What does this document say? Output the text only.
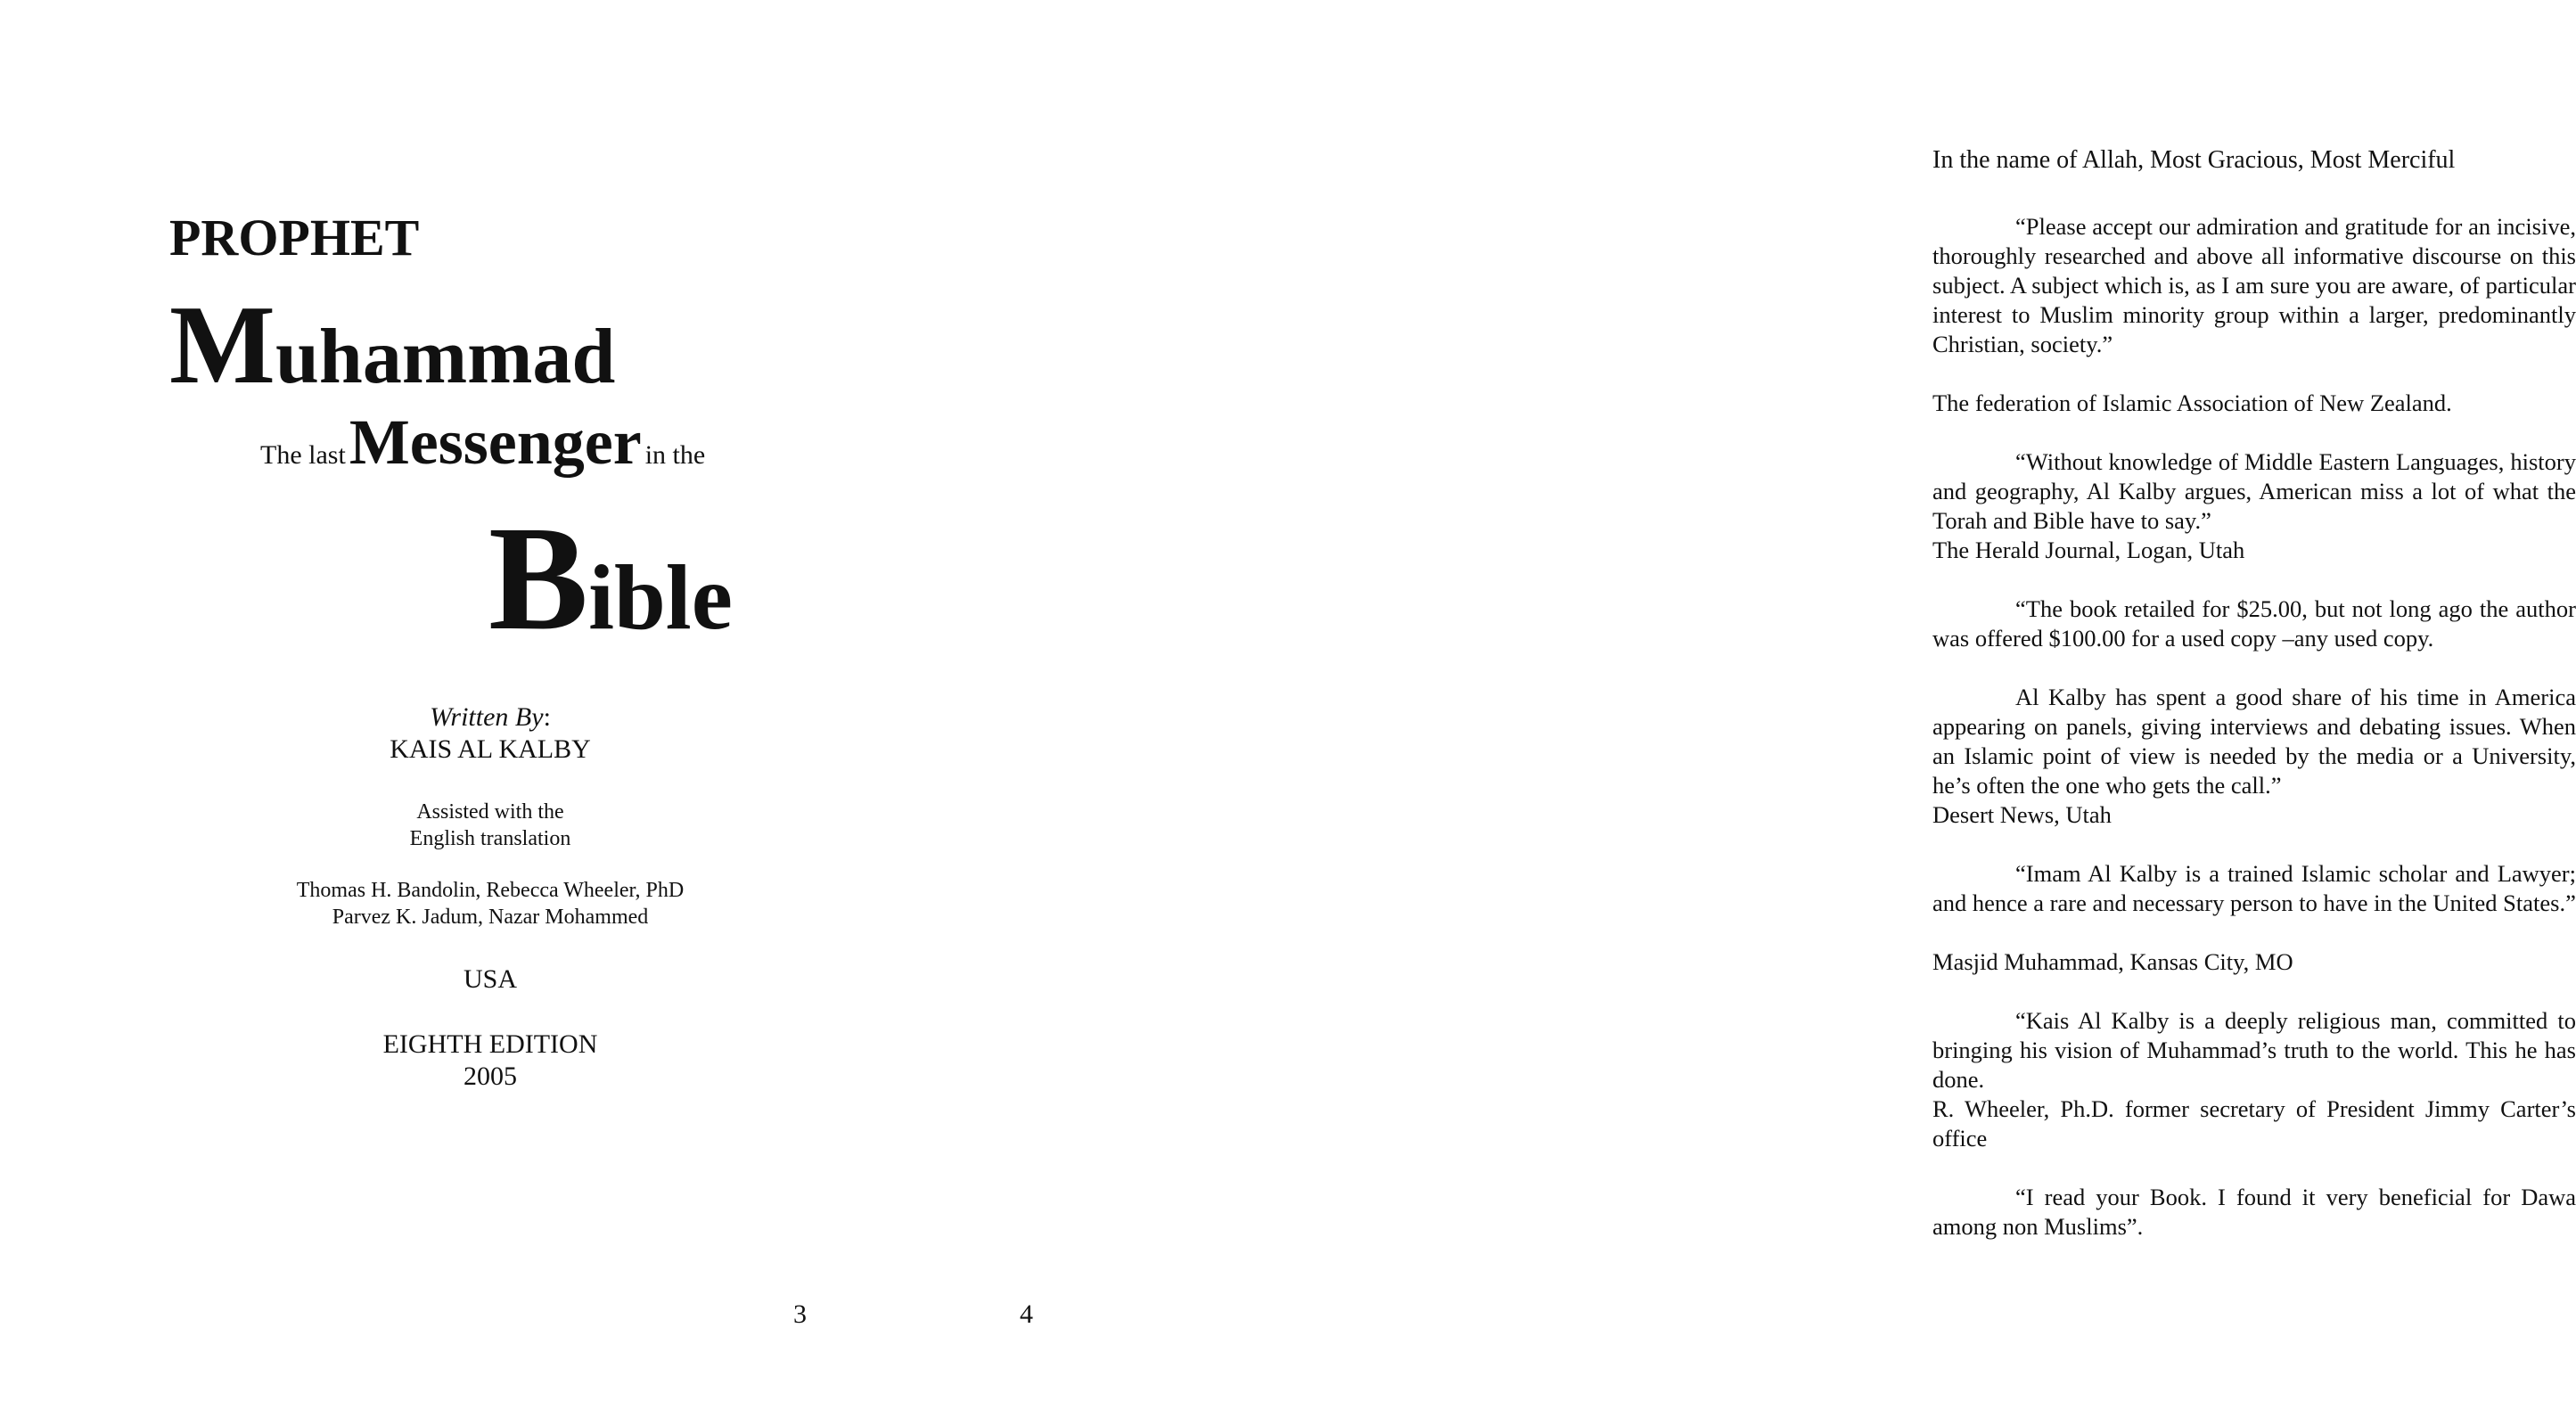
PROPHET
Muhammad
The last Messenger in the
Bible
Written By:
KAIS AL KALBY
Assisted with the
English translation
Thomas H. Bandolin, Rebecca Wheeler, PhD
Parvez K. Jadum, Nazar Mohammed
USA
EIGHTH EDITION
2005
3
In the name of Allah, Most Gracious, Most Merciful

“Please accept our admiration and gratitude for an incisive, thoroughly researched and above all informative discourse on this subject. A subject which is, as I am sure you are aware, of particular interest to Muslim minority group within a larger, predominantly Christian, society.”

The federation of Islamic Association of New Zealand.

“Without knowledge of Middle Eastern Languages, history and geography, Al Kalby argues, American miss a lot of what the Torah and Bible have to say.”

The Herald Journal, Logan, Utah

“The book retailed for $25.00, but not long ago the author was offered $100.00 for a used copy –any used copy.

Al Kalby has spent a good share of his time in America appearing on panels, giving interviews and debating issues. When an Islamic point of view is needed by the media or a University, he’s often the one who gets the call.”

Desert News, Utah

“Imam Al Kalby is a trained Islamic scholar and Lawyer; and hence a rare and necessary person to have in the United States.”

Masjid Muhammad, Kansas City, MO

“Kais Al Kalby is a deeply religious man, committed to bringing his vision of Muhammad’s truth to the world. This he has done.

R. Wheeler, Ph.D. former secretary of President Jimmy Carter’s office

“I read your Book. I found it very beneficial for Dawa among non Muslims”.

4
